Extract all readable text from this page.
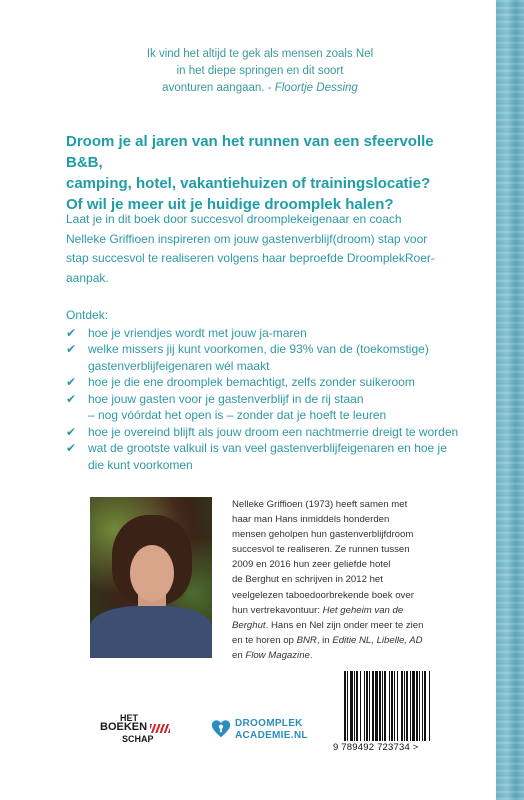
Ik vind het altijd te gek als mensen zoals Nel
in het diepe springen en dit soort
avonturen aangaan. - Floortje Dessing
Droom je al jaren van het runnen van een sfeervolle B&B,
camping, hotel, vakantiehuizen of trainingslocatie?
Of wil je meer uit je huidige droomplek halen?
Laat je in dit boek door succesvol droomplekeigenaar en coach
Nelleke Griffioen inspireren om jouw gastenverblijf(droom) stap voor
stap succesvol te realiseren volgens haar beproefde DroomplekRoer-
aanpak.
Ontdek:
✔ hoe je vriendjes wordt met jouw ja-maren
✔ welke missers jij kunt voorkomen, die 93% van de (toekomstige)
gastenverblijfeigenaren wél maakt
✔ hoe je die ene droomplek bemachtigt, zelfs zonder suikeroom
✔ hoe jouw gasten voor je gastenverblijf in de rij staan
– nog vóórdat het open is – zonder dat je hoeft te leuren
✔ hoe je overeind blijft als jouw droom een nachtmerrie dreigt te worden
✔ wat de grootste valkuil is van veel gastenverblijfeigenaren en hoe je
die kunt voorkomen
Nelleke Griffioen (1973) heeft samen met
haar man Hans inmiddels honderden
mensen geholpen hun gastenverblijfdroom
succesvol te realiseren. Ze runnen tussen
2009 en 2016 hun zeer geliefde hotel
de Berghut en schrijven in 2012 het
veelgelezen taboedoorbrekende boek over
hun vertrekavontuur: Het geheim van de
Berghut. Hans en Nel zijn onder meer te zien
en te horen op BNR, in Editie NL, Libelle, AD
en Flow Magazine.
HET
BOEKEN
SCHAP
DROOMPLEK
ACADEMIE.NL
9 789492 723734 >
